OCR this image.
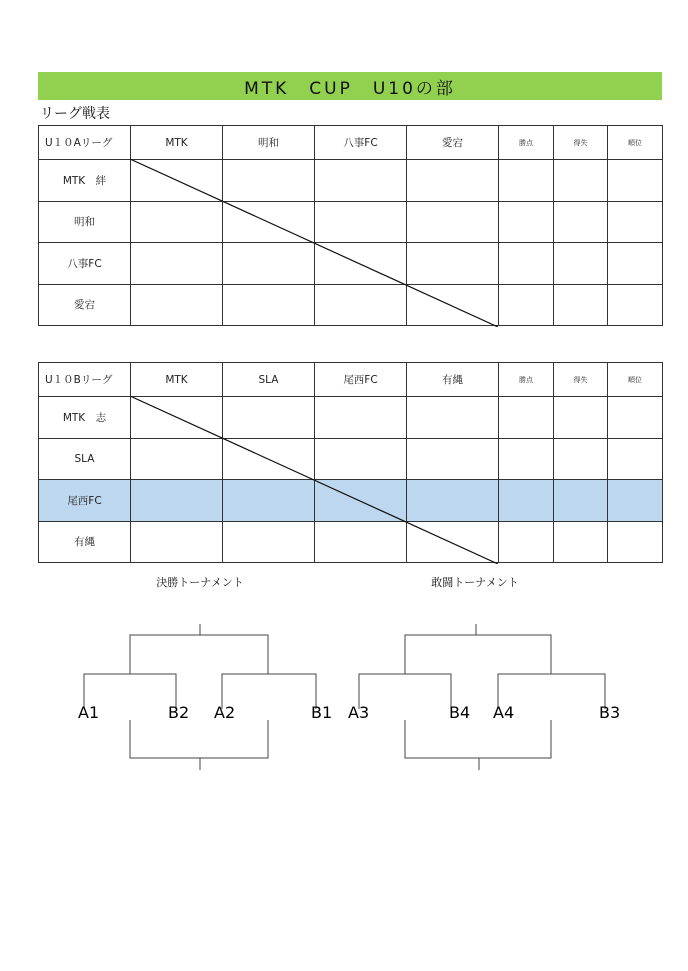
MTK　CUP　U10の部
リーグ戦表
U１０Aリーグ	MTK	明和	八事FC	愛宕	勝点	得失	順位
MTK　絆							
明和							
八事FC							
愛宕							
U１０Bリーグ	MTK	SLA	尾西FC	有縄	勝点	得失	順位
MTK　志							
SLA							
尾西FC							
有縄							
決勝トーナメント	敢闘トーナメント
A1	B2 A2	B1 A3	B4 A4	B3
